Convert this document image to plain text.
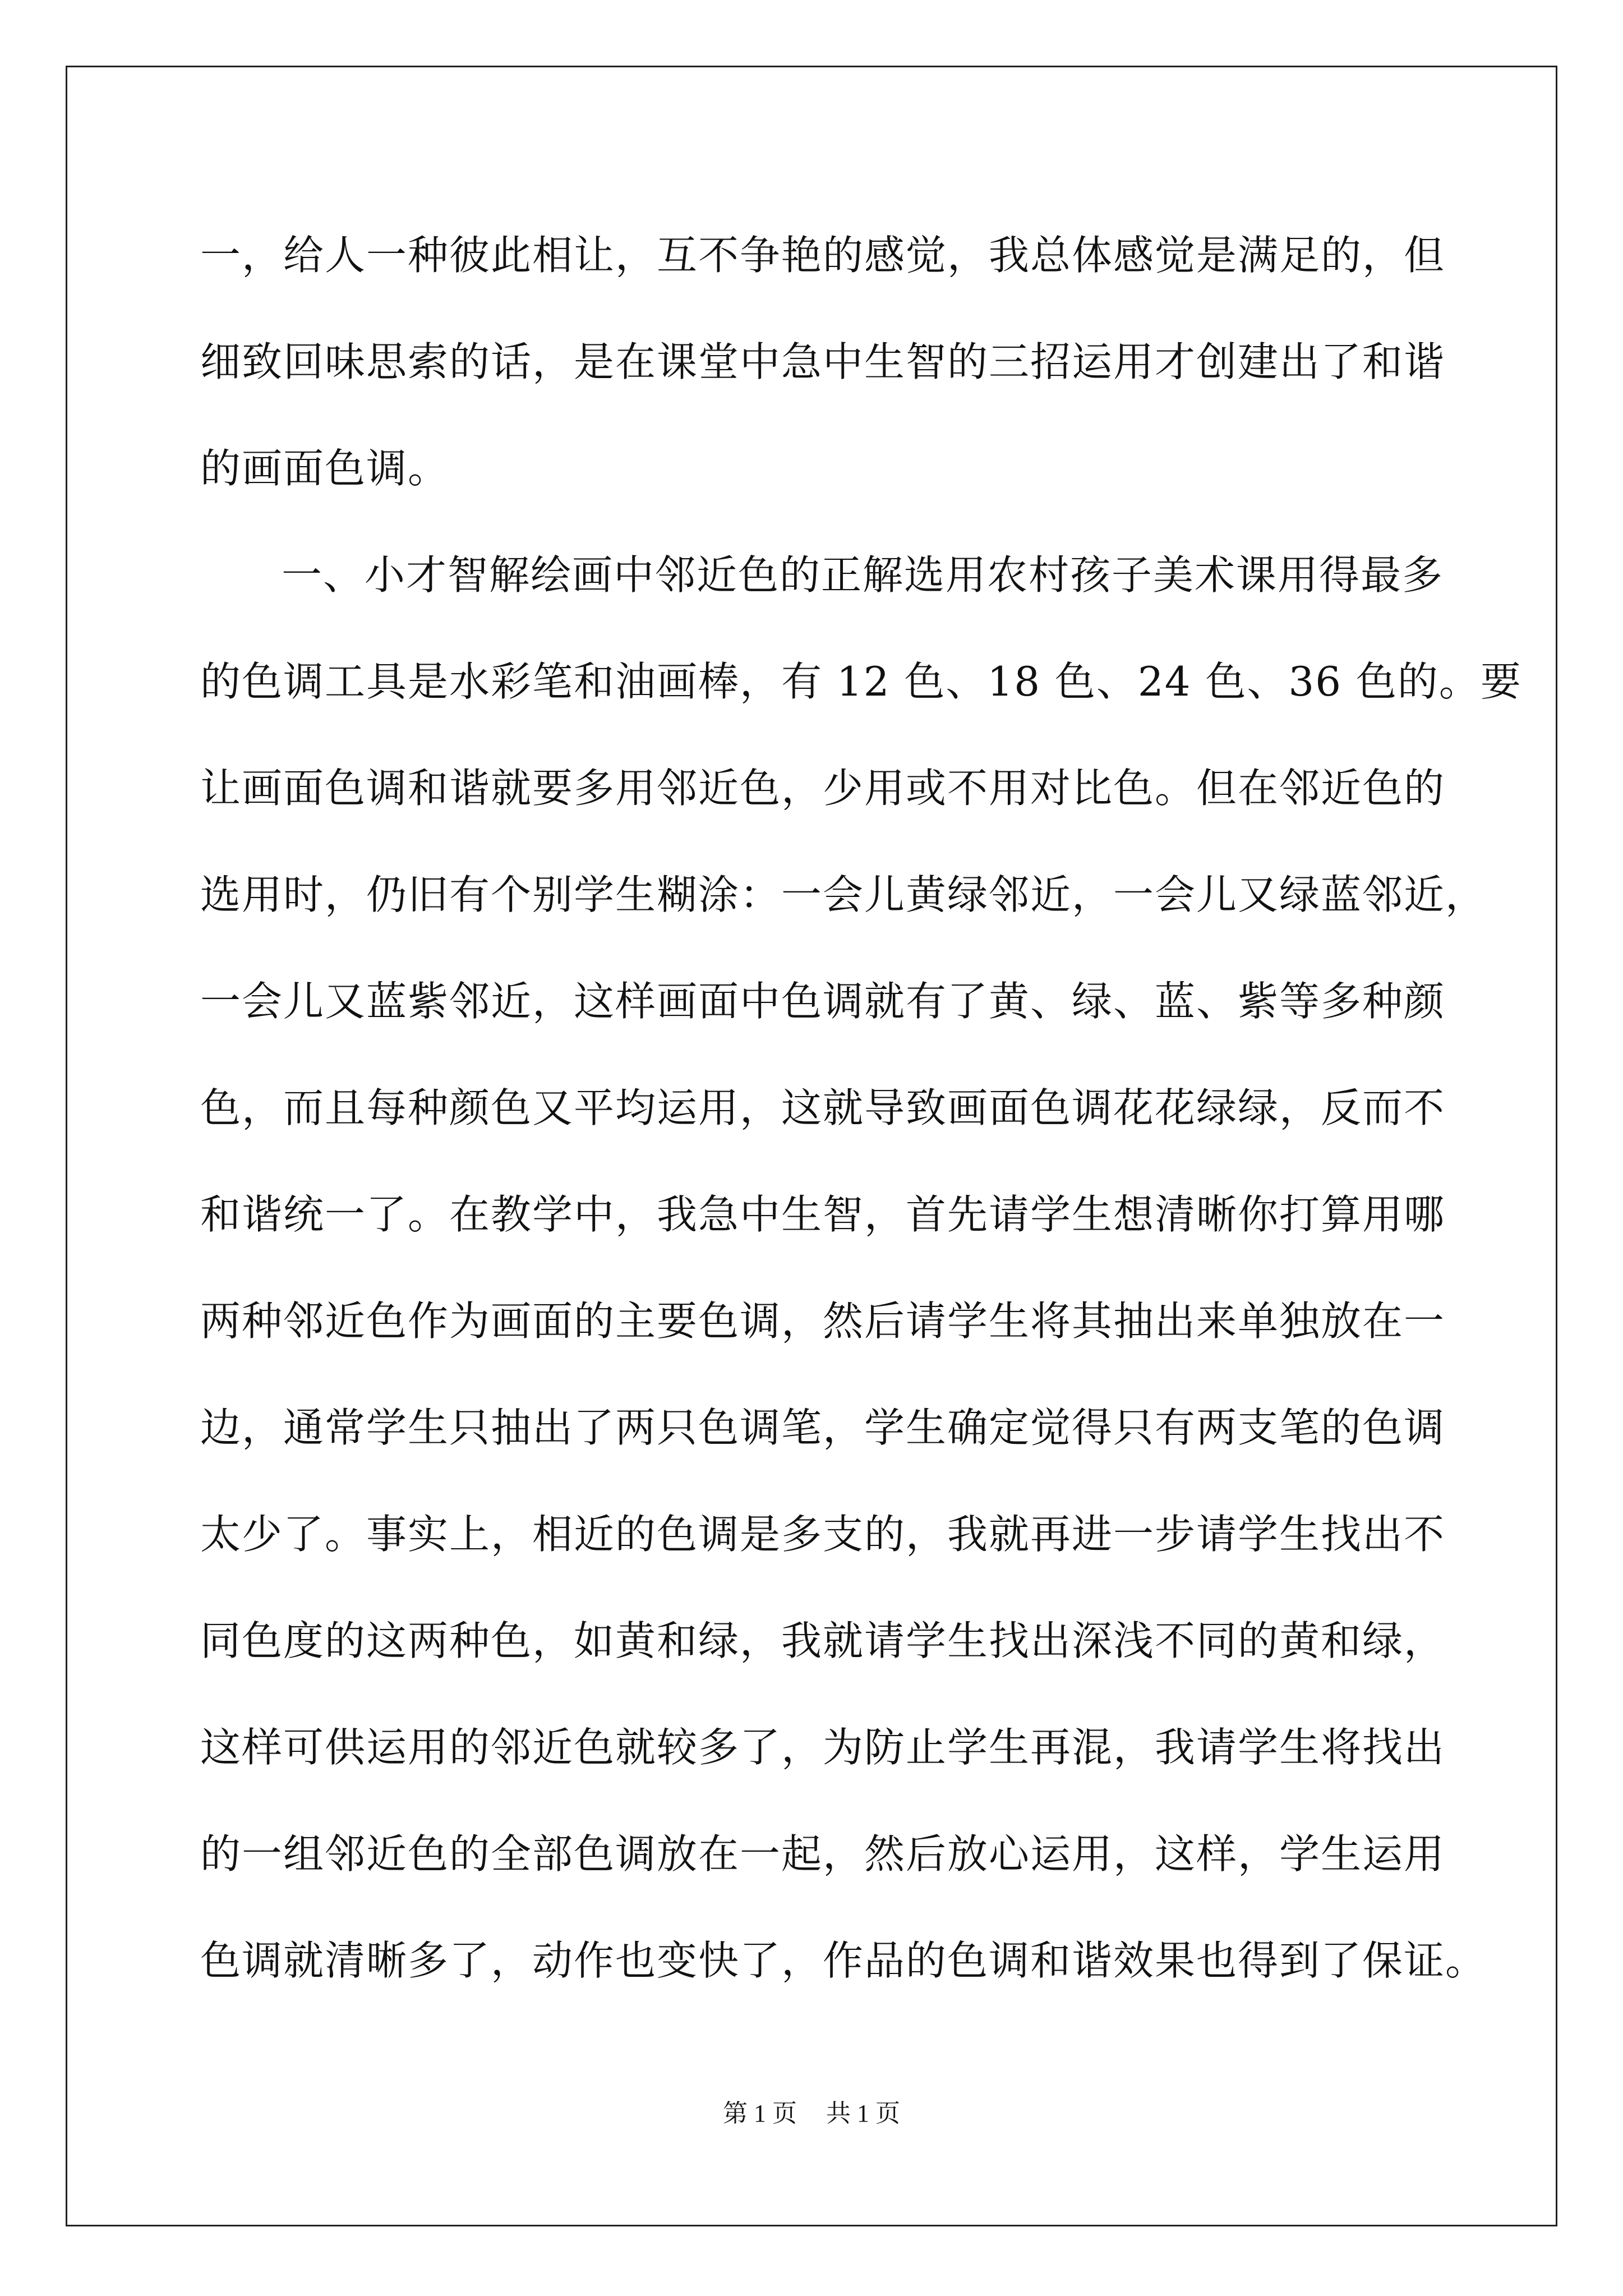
一，给人一种彼此相让，互不争艳的感觉，我总体感觉是满足的，但
细致回味思索的话，是在课堂中急中生智的三招运用才创建出了和谐
的画面色调。
一、小才智解绘画中邻近色的正解选用农村孩子美术课用得最多
的色调工具是水彩笔和油画棒，有 12 色、18 色、24 色、36 色的。要
让画面色调和谐就要多用邻近色，少用或不用对比色。但在邻近色的
选用时，仍旧有个别学生糊涂：一会儿黄绿邻近，一会儿又绿蓝邻近，
一会儿又蓝紫邻近，这样画面中色调就有了黄、绿、蓝、紫等多种颜
色，而且每种颜色又平均运用，这就导致画面色调花花绿绿，反而不
和谐统一了。在教学中，我急中生智，首先请学生想清晰你打算用哪
两种邻近色作为画面的主要色调，然后请学生将其抽出来单独放在一
边，通常学生只抽出了两只色调笔，学生确定觉得只有两支笔的色调
太少了。事实上，相近的色调是多支的，我就再进一步请学生找出不
同色度的这两种色，如黄和绿，我就请学生找出深浅不同的黄和绿，
这样可供运用的邻近色就较多了，为防止学生再混，我请学生将找出
的一组邻近色的全部色调放在一起，然后放心运用，这样，学生运用
色调就清晰多了，动作也变快了，作品的色调和谐效果也得到了保证。
第 1 页 共 1 页
